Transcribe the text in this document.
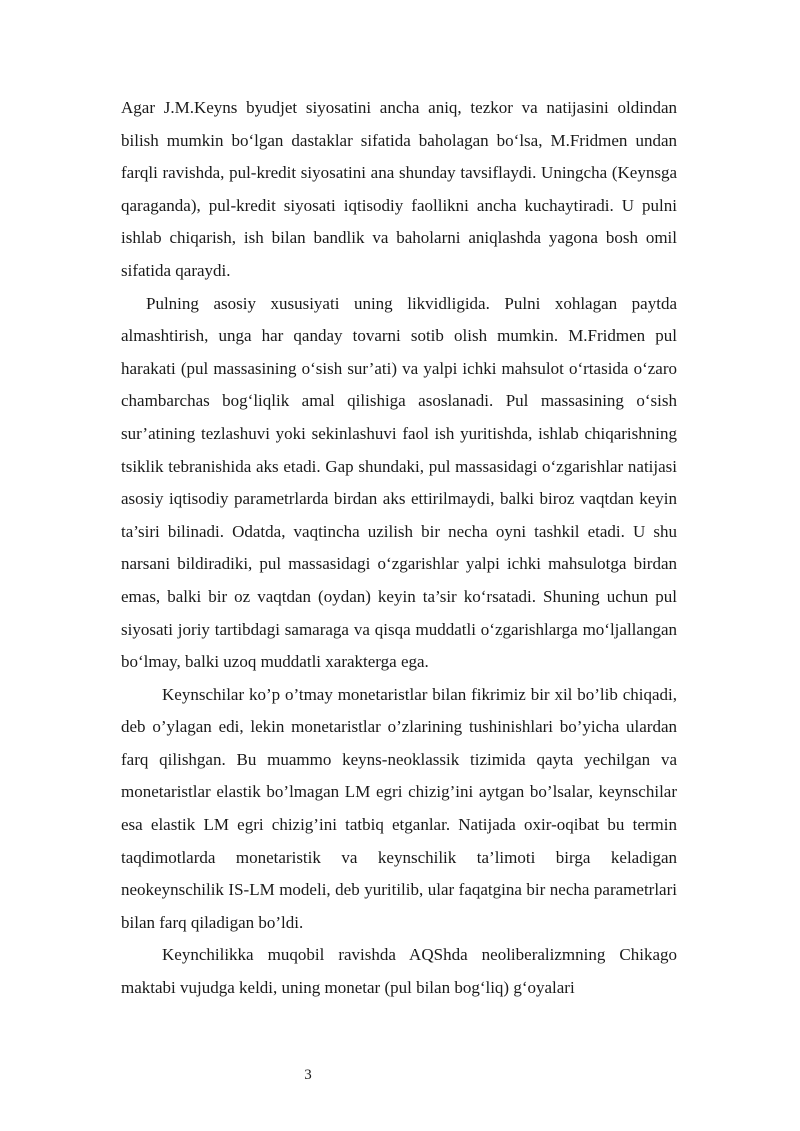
Agar J.M.Keyns byudjet siyosatini ancha aniq, tezkor va natijasini oldindan bilish mumkin bo‘lgan dastaklar sifatida baholagan bo‘lsa, M.Fridmen undan farqli ravishda, pul-kredit siyosatini ana shunday tavsiflaydi. Uningcha (Keynsga qaraganda), pul-kredit siyosati iqtisodiy faollikni ancha kuchaytiradi. U pulni ishlab chiqarish, ish bilan bandlik va baholarni aniqlashda yagona bosh omil sifatida qaraydi.

Pulning asosiy xususiyati uning likvidligida. Pulni xohlagan paytda almashtirish, unga har qanday tovarni sotib olish mumkin. M.Fridmen pul harakati (pul massasining o‘sish sur’ati) va yalpi ichki mahsulot o‘rtasida o‘zaro chambarchas bog‘liqlik amal qilishiga asoslanadi. Pul massasining o‘sish sur’atining tezlashuvi yoki sekinlashuvi faol ish yuritishda, ishlab chiqarishning tsiklik tebranishida aks etadi. Gap shundaki, pul massasidagi o‘zgarishlar natijasi asosiy iqtisodiy parametrlarda birdan aks ettirilmaydi, balki biroz vaqtdan keyin ta’siri bilinadi. Odatda, vaqtincha uzilish bir necha oyni tashkil etadi. U shu narsani bildiradiki, pul massasidagi o‘zgarishlar yalpi ichki mahsulotga birdan emas, balki bir oz vaqtdan (oydan) keyin ta’sir ko‘rsatadi. Shuning uchun pul siyosati joriy tartibdagi samaraga va qisqa muddatli o‘zgarishlarga mo‘ljallangan bo‘lmay, balki uzoq muddatli xarakterga ega.

Keynschilar ko’p o’tmay monetaristlar bilan fikrimiz bir xil bo’lib chiqadi, deb o’ylagan edi, lekin monetaristlar o’zlarining tushinishlari bo’yicha ulardan farq qilishgan. Bu muammo keyns-neoklassik tizimida qayta yechilgan va monetaristlar elastik bo’lmagan LM egri chizig’ini aytgan bo’lsalar, keynschilar esa elastik LM egri chizig’ini tatbiq etganlar. Natijada oxir-oqibat bu termin taqdimotlarda monetaristik va keynschilik ta’limoti birga keladigan neokeynschilik IS-LM modeli, deb yuritilib, ular faqatgina bir necha parametrlari bilan farq qiladigan bo’ldi.

Keynchilikka muqobil ravishda AQShda neoliberalizmning Chikago maktabi vujudga keldi, uning monetar (pul bilan bog‘liq) g‘oyalari

3
